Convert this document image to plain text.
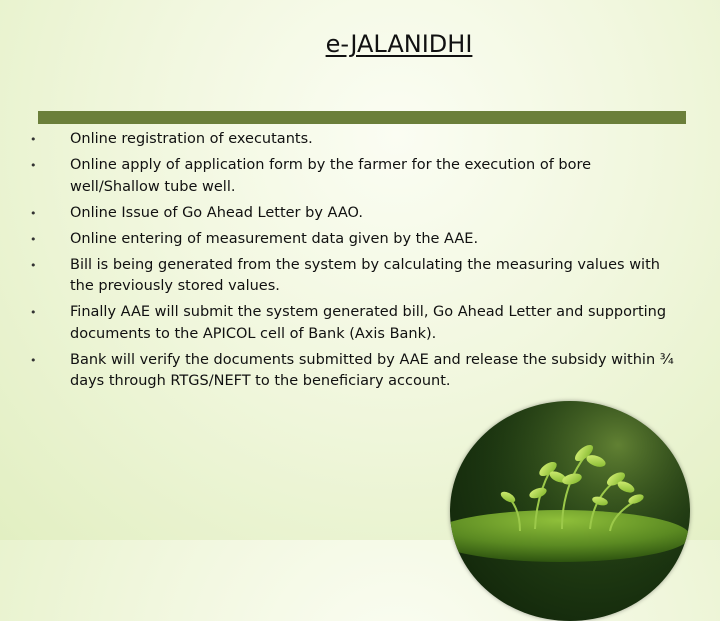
e-JALANIDHI
• Online registration of executants.
• Online apply of application form by the farmer for the execution of bore well/Shallow tube well.
• Online Issue of Go Ahead Letter by AAO.
• Online entering of measurement data given by the AAE.
• Bill is being generated from the system by calculating the measuring values with the previously stored values.
• Finally AAE will submit the system generated bill, Go Ahead Letter and supporting documents to the APICOL cell of Bank (Axis Bank).
• Bank will verify the documents submitted by AAE and release the subsidy within ¾ days through RTGS/NEFT to the beneficiary account.
